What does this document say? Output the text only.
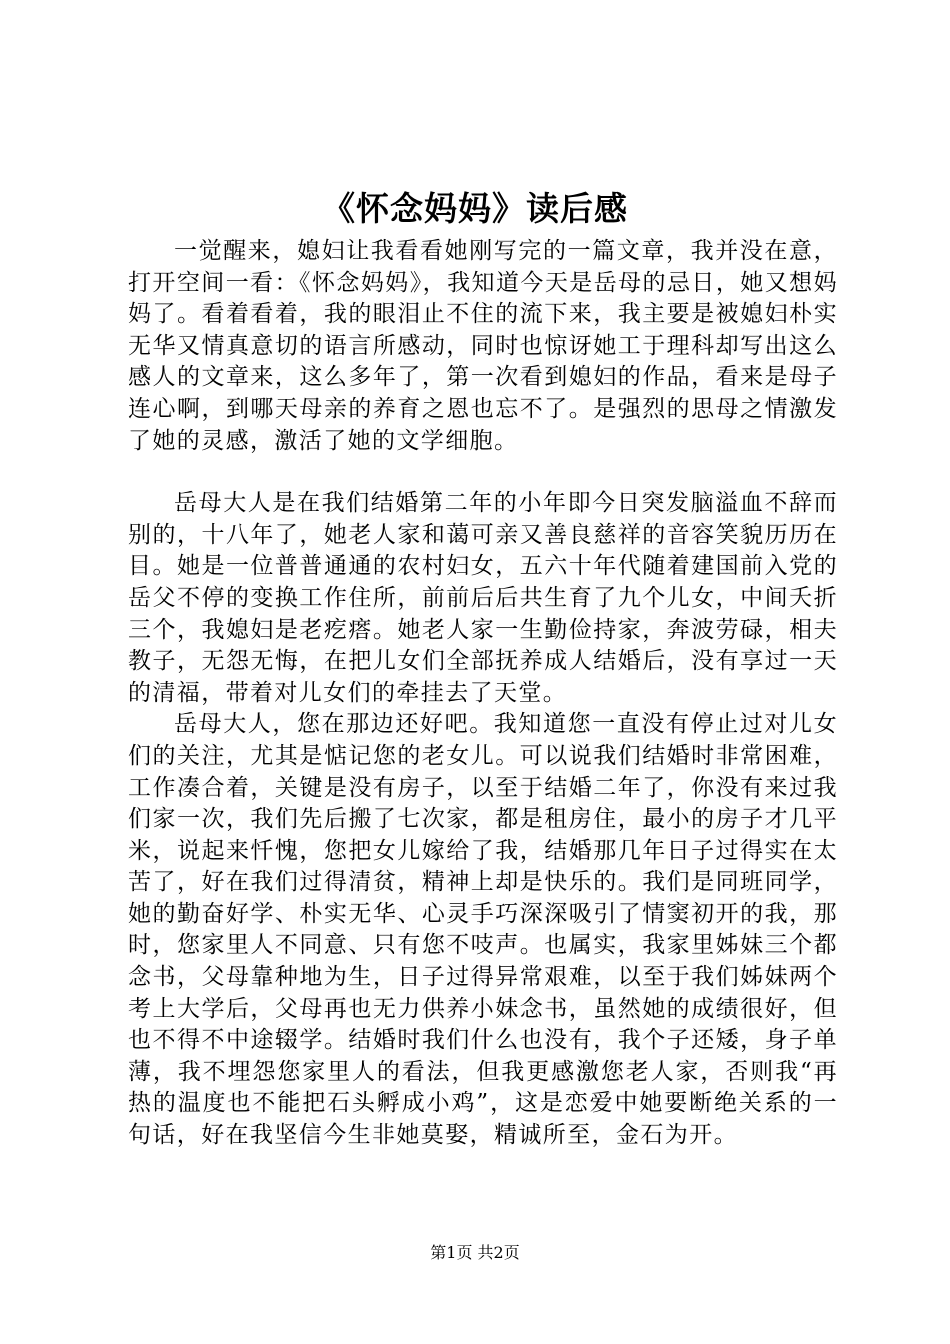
《怀念妈妈》读后感

一觉醒来，媳妇让我看看她刚写完的一篇文章，我并没在意，打开空间一看：《怀念妈妈》，我知道今天是岳母的忌日，她又想妈妈了。看着看着，我的眼泪止不住的流下来，我主要是被媳妇朴实无华又情真意切的语言所感动，同时也惊讶她工于理科却写出这么感人的文章来，这么多年了，第一次看到媳妇的作品，看来是母子连心啊，到哪天母亲的养育之恩也忘不了。是强烈的思母之情激发了她的灵感，激活了她的文学细胞。

岳母大人是在我们结婚第二年的小年即今日突发脑溢血不辞而别的，十八年了，她老人家和蔼可亲又善良慈祥的音容笑貌历历在目。她是一位普普通通的农村妇女，五六十年代随着建国前入党的岳父不停的变换工作住所，前前后后共生育了九个儿女，中间夭折三个，我媳妇是老疙瘩。她老人家一生勤俭持家，奔波劳碌，相夫教子，无怨无悔，在把儿女们全部抚养成人结婚后，没有享过一天的清福，带着对儿女们的牵挂去了天堂。

岳母大人，您在那边还好吧。我知道您一直没有停止过对儿女们的关注，尤其是惦记您的老女儿。可以说我们结婚时非常困难，工作凑合着，关键是没有房子，以至于结婚二年了，你没有来过我们家一次，我们先后搬了七次家，都是租房住，最小的房子才几平米，说起来忏愧，您把女儿嫁给了我，结婚那几年日子过得实在太苦了，好在我们过得清贫，精神上却是快乐的。我们是同班同学，她的勤奋好学、朴实无华、心灵手巧深深吸引了情窦初开的我，那时，您家里人不同意、只有您不吱声。也属实，我家里姊妹三个都念书，父母靠种地为生，日子过得异常艰难，以至于我们姊妹两个考上大学后，父母再也无力供养小妹念书，虽然她的成绩很好，但也不得不中途辍学。结婚时我们什么也没有，我个子还矮，身子单薄，我不埋怨您家里人的看法，但我更感激您老人家，否则我“再热的温度也不能把石头孵成小鸡”，这是恋爱中她要断绝关系的一句话，好在我坚信今生非她莫娶，精诚所至，金石为开。

第1页 共2页
